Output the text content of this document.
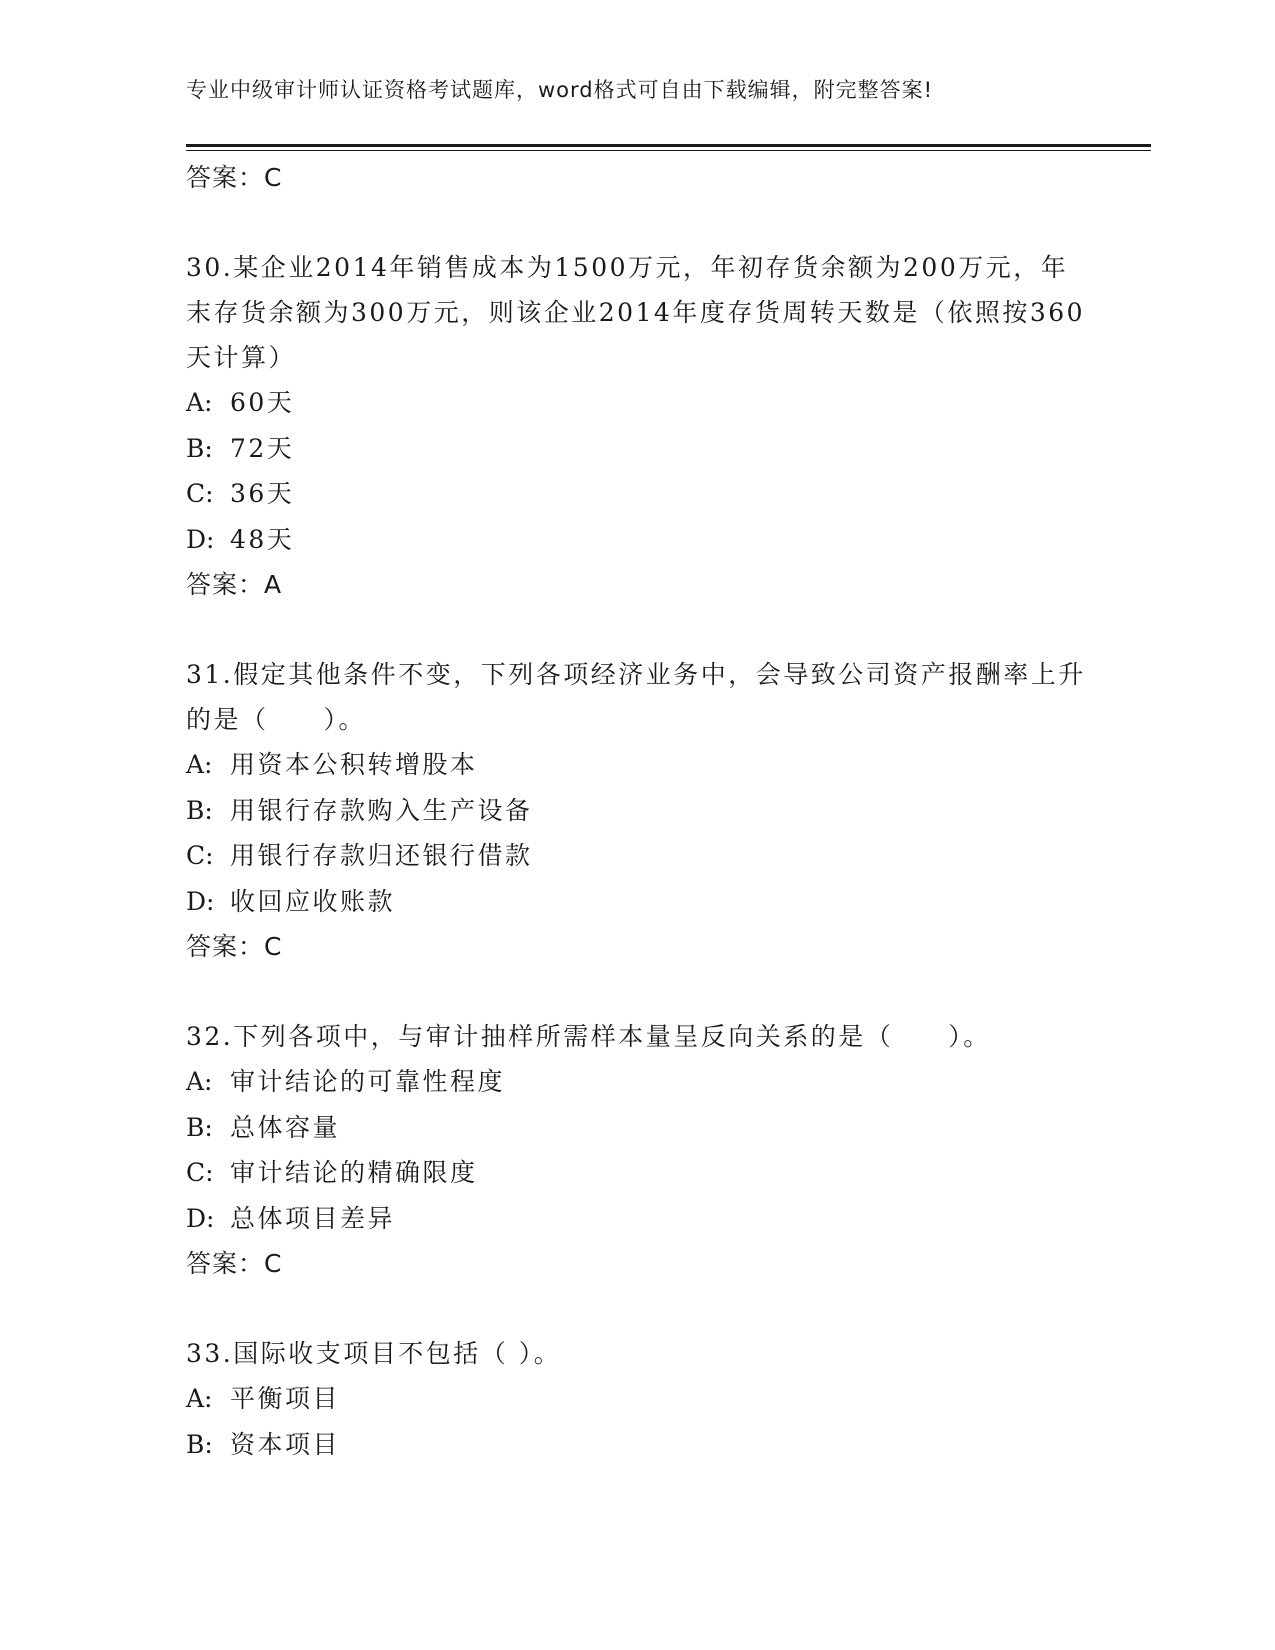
专业中级审计师认证资格考试题库，word格式可自由下载编辑，附完整答案!
答案：C
30.某企业2014年销售成本为1500万元，年初存货余额为200万元，年末存货余额为300万元，则该企业2014年度存货周转天数是（依照按360天计算）
A: 60天
B: 72天
C: 36天
D: 48天
答案：A
31.假定其他条件不变，下列各项经济业务中，会导致公司资产报酬率上升的是（　　）。
A: 用资本公积转增股本
B: 用银行存款购入生产设备
C: 用银行存款归还银行借款
D: 收回应收账款
答案：C
32.下列各项中，与审计抽样所需样本量呈反向关系的是（　　）。
A: 审计结论的可靠性程度
B: 总体容量
C: 审计结论的精确限度
D: 总体项目差异
答案：C
33.国际收支项目不包括（ ）。
A: 平衡项目
B: 资本项目
